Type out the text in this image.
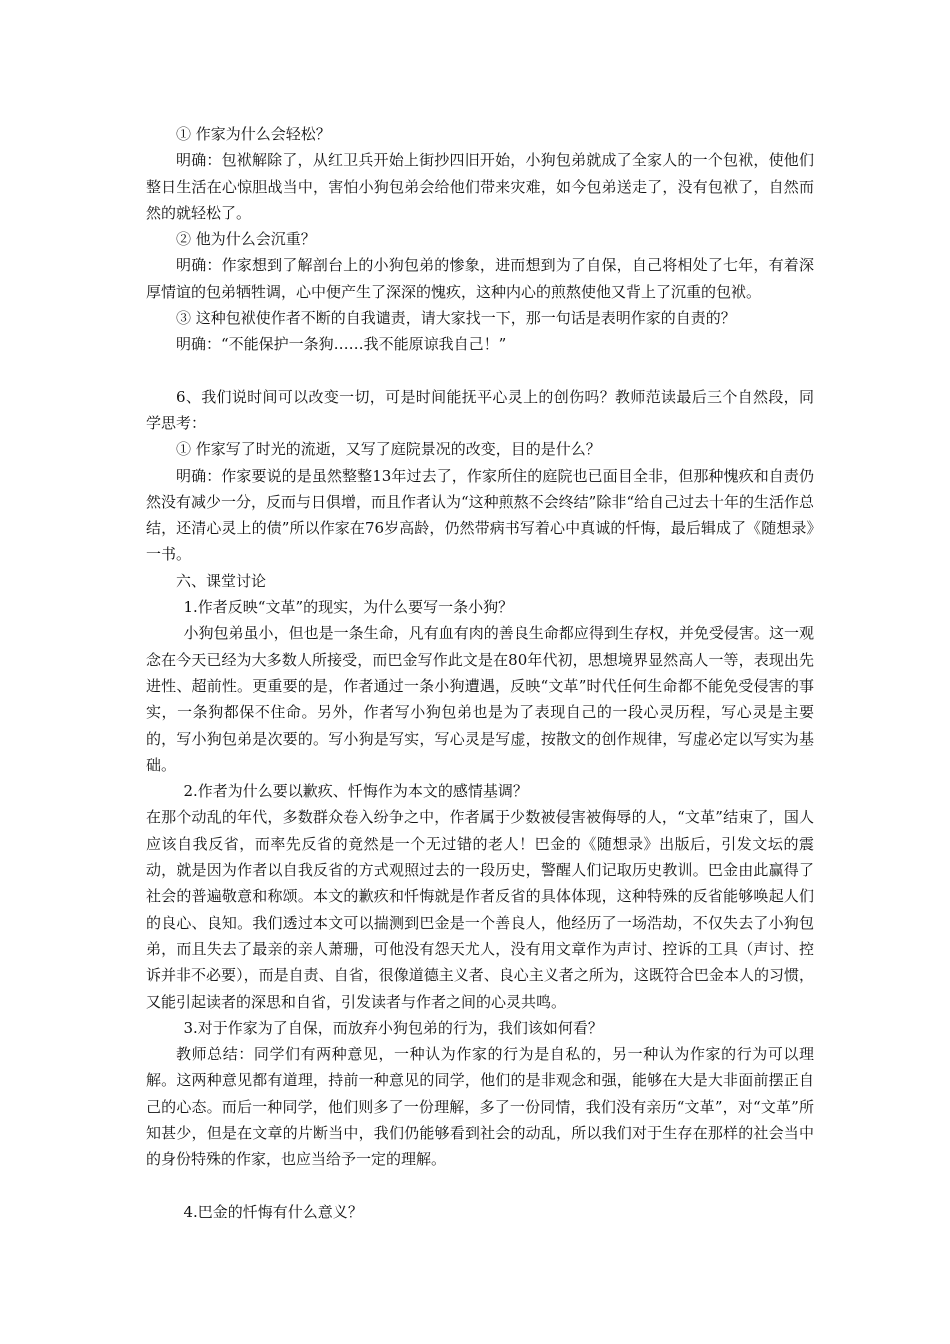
① 作家为什么会轻松？

明确：包袱解除了，从红卫兵开始上街抄四旧开始，小狗包弟就成了全家人的一个包袱，使他们整日生活在心惊胆战当中，害怕小狗包弟会给他们带来灾难，如今包弟送走了，没有包袱了，自然而然的就轻松了。

② 他为什么会沉重？

明确：作家想到了解剖台上的小狗包弟的惨象，进而想到为了自保，自己将相处了七年，有着深厚情谊的包弟牺牲调，心中便产生了深深的愧疚，这种内心的煎熬使他又背上了沉重的包袱。

③ 这种包袱使作者不断的自我谴责，请大家找一下，那一句话是表明作家的自责的？

明确：“不能保护一条狗……我不能原谅我自己！”

6、我们说时间可以改变一切，可是时间能抚平心灵上的创伤吗？教师范读最后三个自然段，同学思考：

① 作家写了时光的流逝，又写了庭院景况的改变，目的是什么？

明确：作家要说的是虽然整整13年过去了，作家所住的庭院也已面目全非，但那种愧疚和自责仍然没有减少一分，反而与日俱增，而且作者认为“这种煎熬不会终结”除非“给自己过去十年的生活作总结，还清心灵上的债”所以作家在76岁高龄，仍然带病书写着心中真诚的忏悔，最后辑成了《随想录》一书。

六、课堂讨论

1.作者反映“文革”的现实，为什么要写一条小狗？

小狗包弟虽小，但也是一条生命，凡有血有肉的善良生命都应得到生存权，并免受侵害。这一观念在今天已经为大多数人所接受，而巴金写作此文是在80年代初，思想境界显然高人一等，表现出先进性、超前性。更重要的是，作者通过一条小狗遭遇，反映“文革”时代任何生命都不能免受侵害的事实，一条狗都保不住命。另外，作者写小狗包弟也是为了表现自己的一段心灵历程，写心灵是主要的，写小狗包弟是次要的。写小狗是写实，写心灵是写虚，按散文的创作规律，写虚必定以写实为基础。

2.作者为什么要以歉疚、忏悔作为本文的感情基调？

在那个动乱的年代，多数群众卷入纷争之中，作者属于少数被侵害被侮辱的人，“文革”结束了，国人应该自我反省，而率先反省的竟然是一个无过错的老人！巴金的《随想录》出版后，引发文坛的震动，就是因为作者以自我反省的方式观照过去的一段历史，警醒人们记取历史教训。巴金由此赢得了社会的普遍敬意和称颂。本文的歉疚和忏悔就是作者反省的具体体现，这种特殊的反省能够唤起人们的良心、良知。我们透过本文可以揣测到巴金是一个善良人，他经历了一场浩劫，不仅失去了小狗包弟，而且失去了最亲的亲人萧珊，可他没有怨天尤人，没有用文章作为声讨、控诉的工具（声讨、控诉并非不必要），而是自责、自省，很像道德主义者、良心主义者之所为，这既符合巴金本人的习惯，又能引起读者的深思和自省，引发读者与作者之间的心灵共鸣。

3.对于作家为了自保，而放弃小狗包弟的行为，我们该如何看？

教师总结：同学们有两种意见，一种认为作家的行为是自私的，另一种认为作家的行为可以理解。这两种意见都有道理，持前一种意见的同学，他们的是非观念和强，能够在大是大非面前摆正自己的心态。而后一种同学，他们则多了一份理解，多了一份同情，我们没有亲历“文革”，对“文革”所知甚少，但是在文章的片断当中，我们仍能够看到社会的动乱，所以我们对于生存在那样的社会当中的身份特殊的作家，也应当给予一定的理解。

4.巴金的忏悔有什么意义？
